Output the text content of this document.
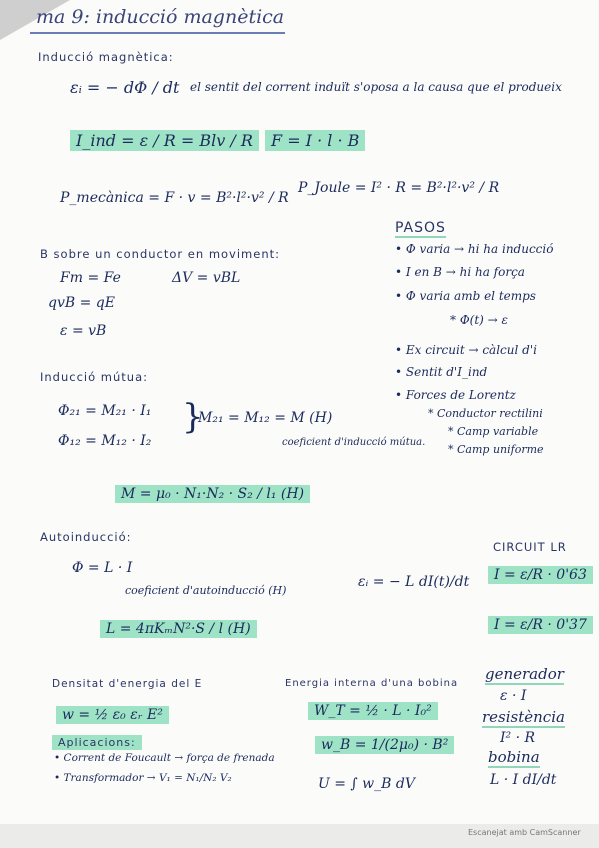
ma 9: inducció magnètica
Inducció magnètica:
εᵢ = − dΦ / dt el sentit del corrent induït s'oposa a la causa que el produeix
I_ind = ε / R = Blv / R	F = I · l · B
P_mecànica = F · v = B²·l²·v² / R
P_Joule = I² · R = B²·l²·v² / R
PASOS
• Φ varia → hi ha inducció
• I en B → hi ha força
• Φ varia amb el temps
* Φ(t) → ε
• Ex circuit → càlcul d'i
• Sentit d'I_ind
• Forces de Lorentz
* Conductor rectilini
* Camp variable
* Camp uniforme
B sobre un conductor en moviment:
Fm = Fe
qvB = qE
ε = vB
ΔV = vBL
Inducció mútua:
Φ₂₁ = M₂₁ · I₁
Φ₁₂ = M₁₂ · I₂
}
M₂₁ = M₁₂ = M (H)
coeficient d'inducció mútua.
M = μ₀ · N₁·N₂ · S₂ / l₁ (H)
Autoinducció:
Φ = L · I
coeficient d'autoinducció (H)
εᵢ = − L dI(t)/dt
L = 4πKₘN²·S / l (H)
CIRCUIT LR
I = ε/R · 0'63
I = ε/R · 0'37
Densitat d'energia del E
w = ½ ε₀ εᵣ E²
Aplicacions:
• Corrent de Foucault → força de frenada
• Transformador → V₁ = N₁/N₂ V₂
Energia interna d'una bobina
W_T = ½ · L · I₀²
w_B = 1/(2μ₀) · B²
U = ∫ w_B dV
generador
ε · I
resistència
I² · R
bobina
L · I dI/dt
Escanejat amb CamScanner
